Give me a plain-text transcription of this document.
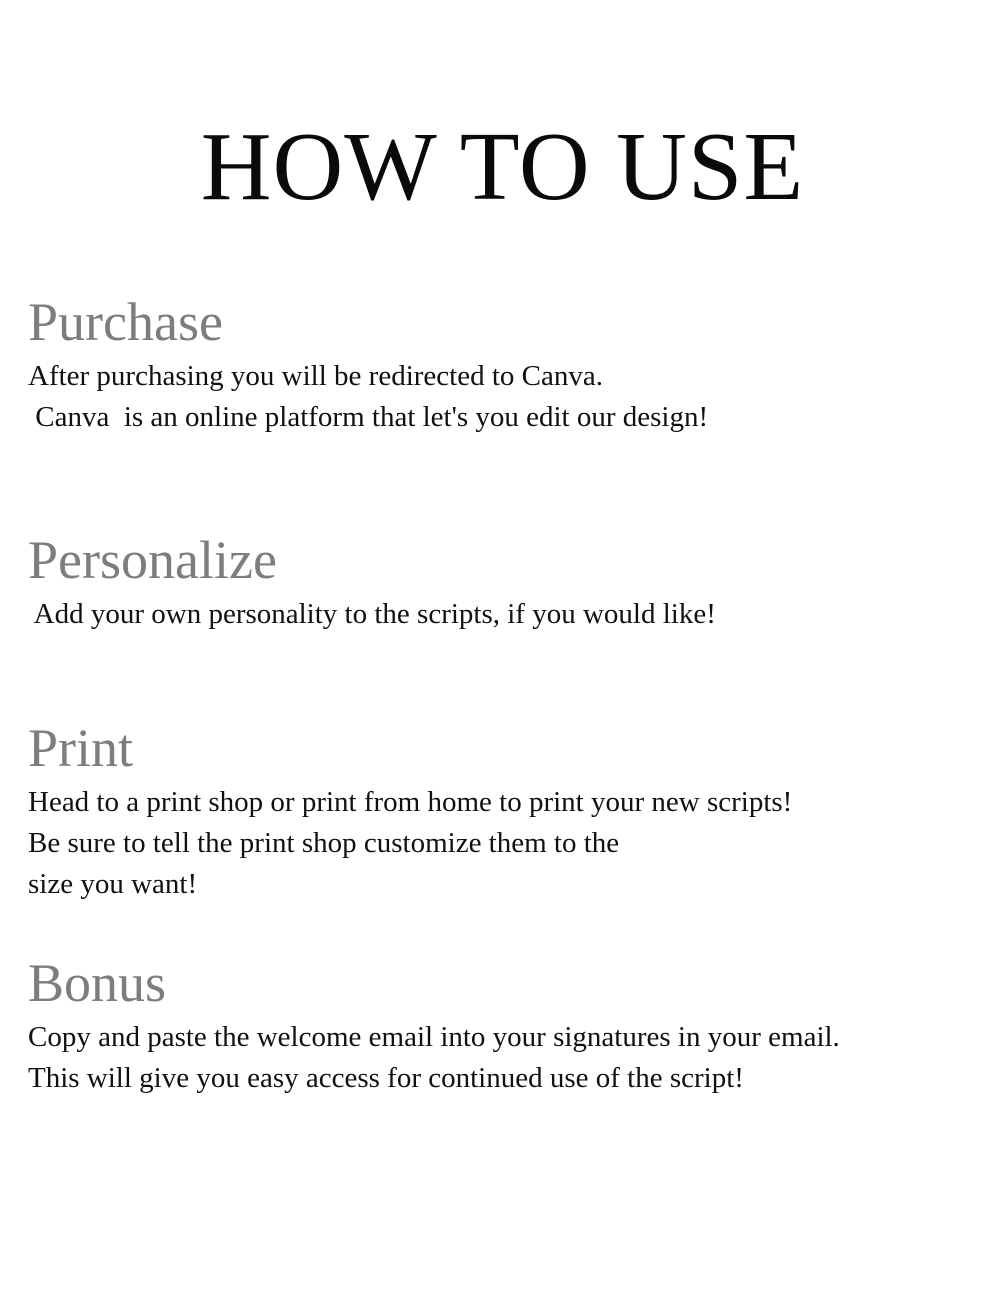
HOW TO USE
Purchase

After purchasing you will be redirected to Canva.

Canva  is an online platform that let's you edit our design!

Personalize

Add your own personality to the scripts, if you would like!

Print

Head to a print shop or print from home to print your new scripts!

Be sure to tell the print shop customize them to the

size you want!

Bonus

Copy and paste the welcome email into your signatures in your email.

This will give you easy access for continued use of the script!
